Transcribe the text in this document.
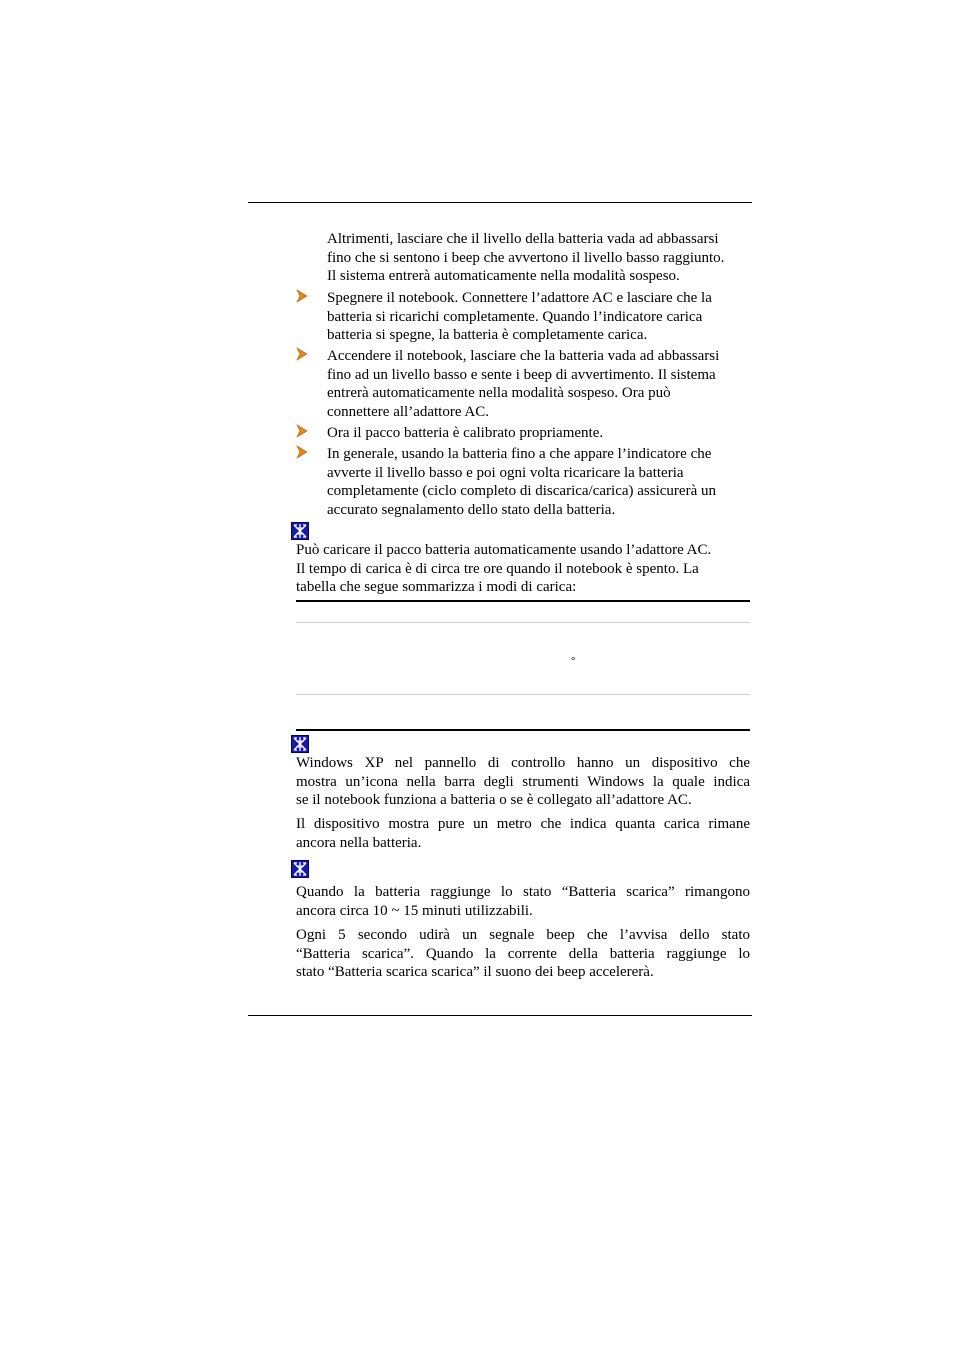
Altrimenti, lasciare che il livello della batteria vada ad abbassarsi
fino che si sentono i beep che avvertono il livello basso raggiunto.
Il sistema entrerà automaticamente nella modalità sospeso.
Spegnere il notebook. Connettere l’adattore AC e lasciare che la
batteria si ricarichi completamente. Quando l’indicatore carica
batteria si spegne, la batteria è completamente carica.
Accendere il notebook, lasciare che la batteria vada ad abbassarsi
fino ad un livello basso e sente i beep di avvertimento. Il sistema
entrerà automaticamente nella modalità sospeso. Ora può
connettere all’adattore AC.
Ora il pacco batteria è calibrato propriamente.
In generale, usando la batteria fino a che appare l’indicatore che
avverte il livello basso e poi ogni volta ricaricare la batteria
completamente (ciclo completo di discarica/carica) assicurerà un
accurato segnalamento dello stato della batteria.
Può caricare il pacco batteria automaticamente usando l’adattore AC.
Il tempo di carica è di circa tre ore quando il notebook è spento. La
tabella che segue sommarizza i modi di carica:
°
Windows XP nel pannello di controllo hanno un dispositivo che
mostra un’icona nella barra degli strumenti Windows la quale indica
se il notebook funziona a batteria o se è collegato all’adattore AC.
Il dispositivo mostra pure un metro che indica quanta carica rimane
ancora nella batteria.
Quando la batteria raggiunge lo stato “Batteria scarica” rimangono
ancora circa 10 ~ 15 minuti utilizzabili.
Ogni 5 secondo udirà un segnale beep che l’avvisa dello stato
“Batteria scarica”. Quando la corrente della batteria raggiunge lo
stato “Batteria scarica scarica” il suono dei beep accelererà.
